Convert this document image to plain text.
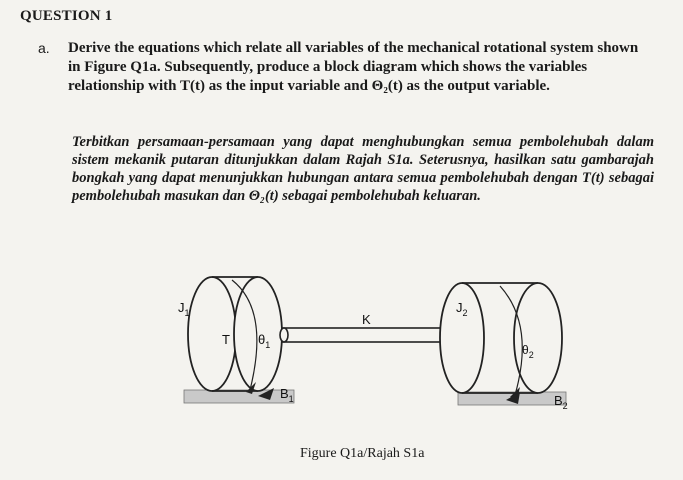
QUESTION 1
a. Derive the equations which relate all variables of the mechanical rotational system shown in Figure Q1a. Subsequently, produce a block diagram which shows the variables relationship with T(t) as the input variable and Θ₂(t) as the output variable.
Terbitkan persamaan-persamaan yang dapat menghubungkan semua pembolehubah dalam sistem mekanik putaran ditunjukkan dalam Rajah S1a. Seterusnya, hasilkan satu gambarajah bongkah yang dapat menunjukkan hubungan antara semua pembolehubah dengan T(t) sebagai pembolehubah masukan dan Θ₂(t) sebagai pembolehubah keluaran.
$J_1$
T $\theta_1$
K
$J_2$
$\theta_2$
$B_1$	$B_2$
Figure Q1a/Rajah S1a
